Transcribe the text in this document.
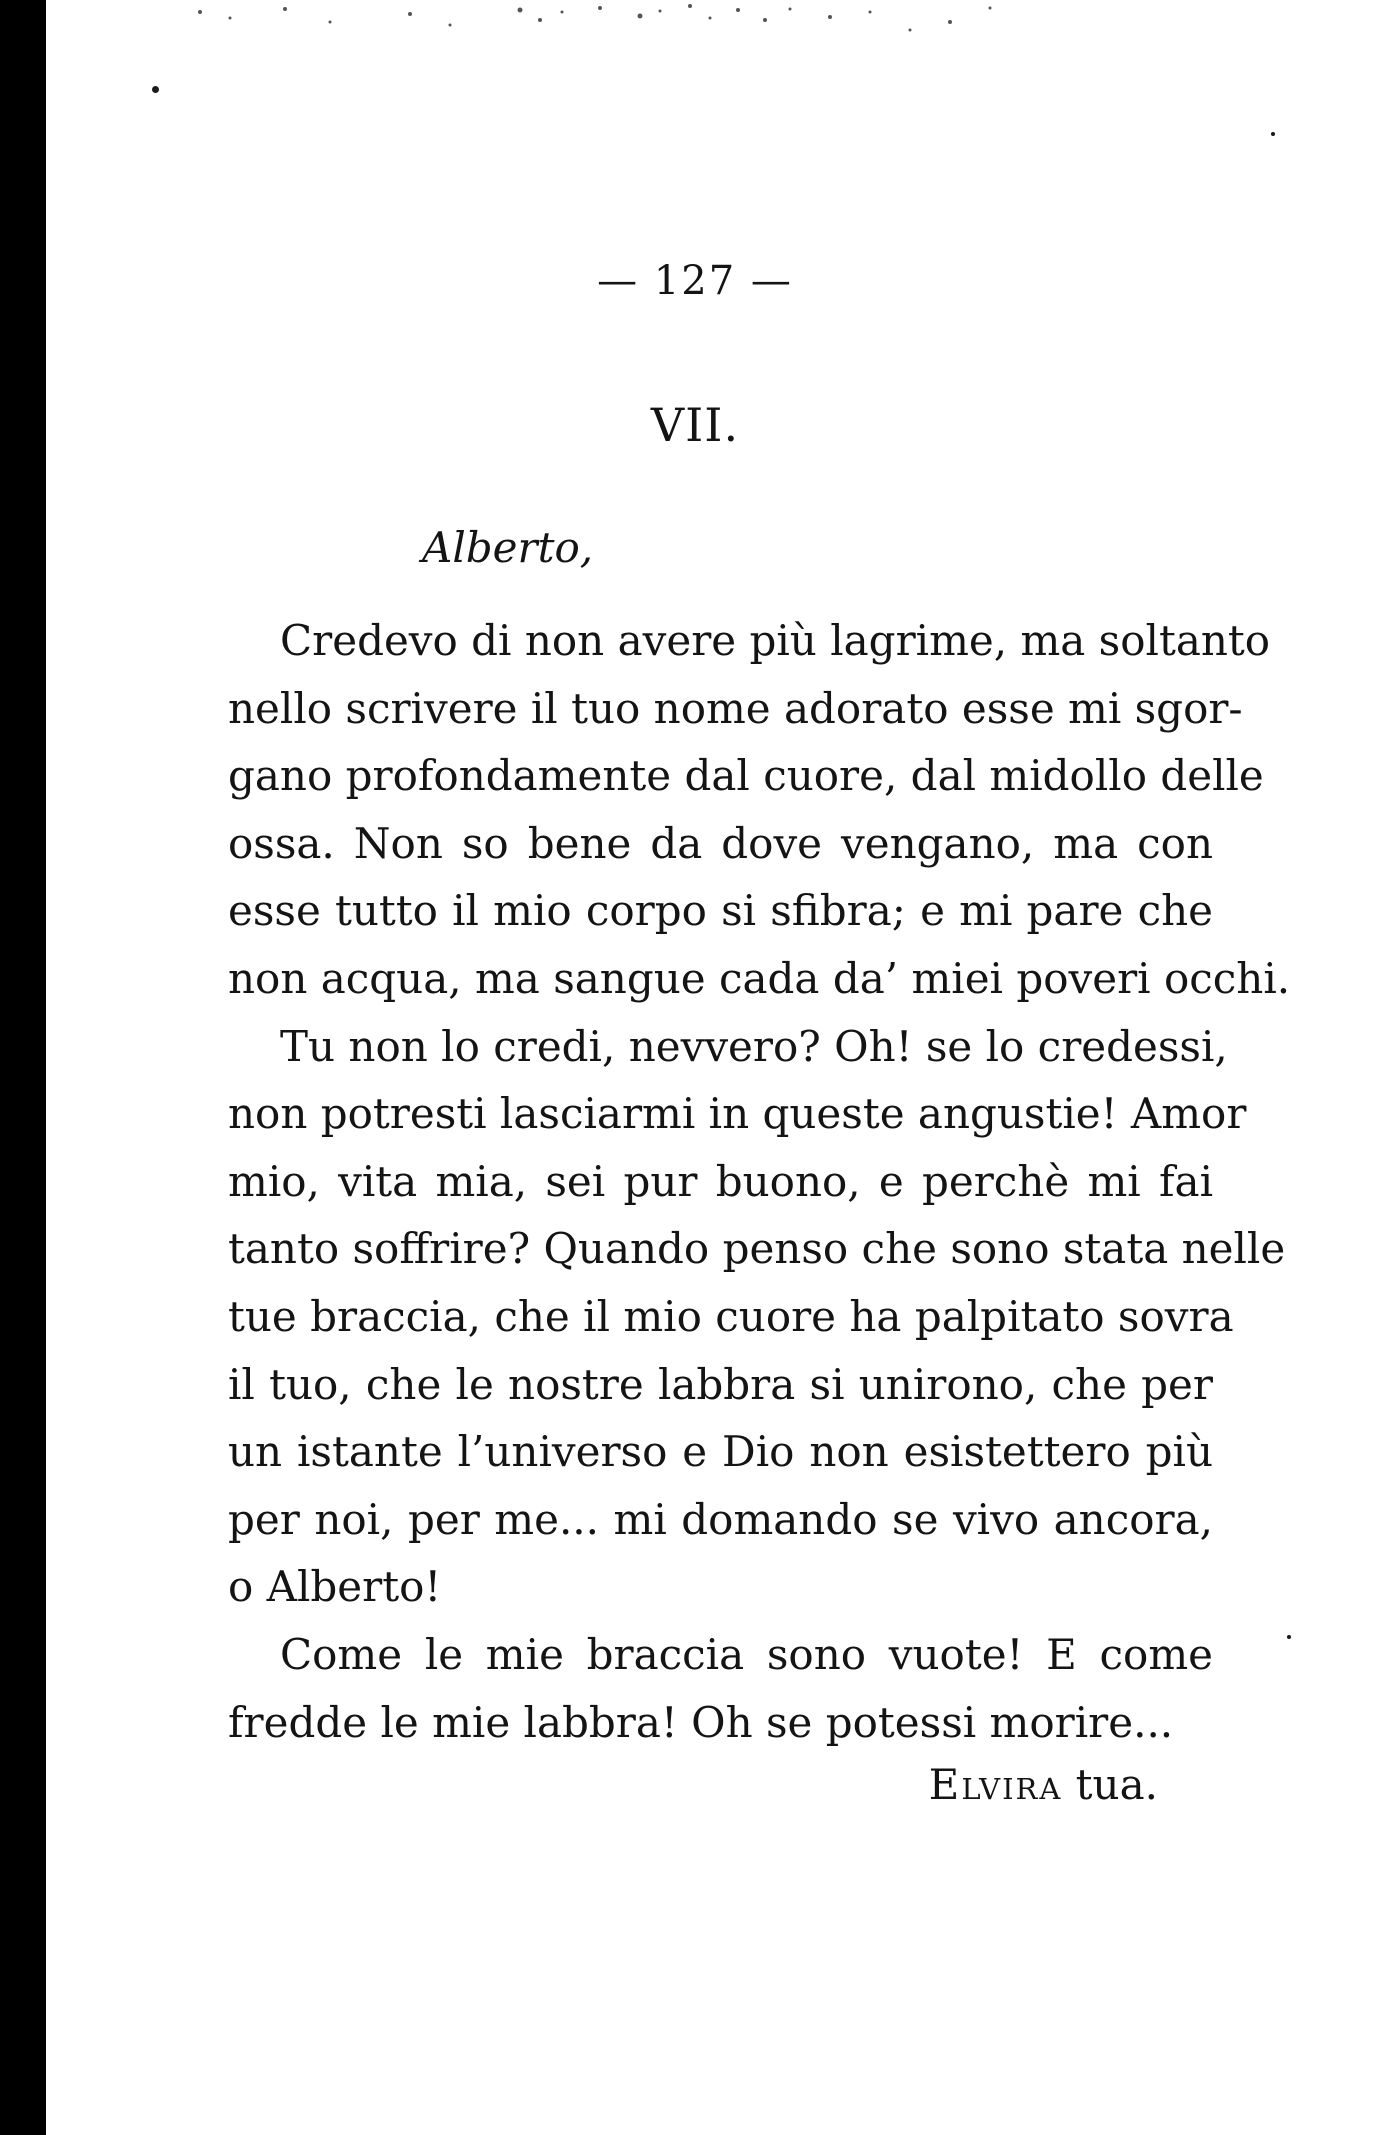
— 127 —
VII.
Alberto,
Credevo di non avere più lagrime, ma soltanto
nello scrivere il tuo nome adorato esse mi sgor-
gano profondamente dal cuore, dal midollo delle
ossa. Non so bene da dove vengano, ma con
esse tutto il mio corpo si sfibra; e mi pare che
non acqua, ma sangue cada da’ miei poveri occhi.
Tu non lo credi, nevvero? Oh! se lo credessi,
non potresti lasciarmi in queste angustie! Amor
mio, vita mia, sei pur buono, e perchè mi fai
tanto soffrire? Quando penso che sono stata nelle
tue braccia, che il mio cuore ha palpitato sovra
il tuo, che le nostre labbra si unirono, che per
un istante l’universo e Dio non esistettero più
per noi, per me... mi domando se vivo ancora,
o Alberto!
Come le mie braccia sono vuote! E come
fredde le mie labbra! Oh se potessi morire...
Elvira tua.
